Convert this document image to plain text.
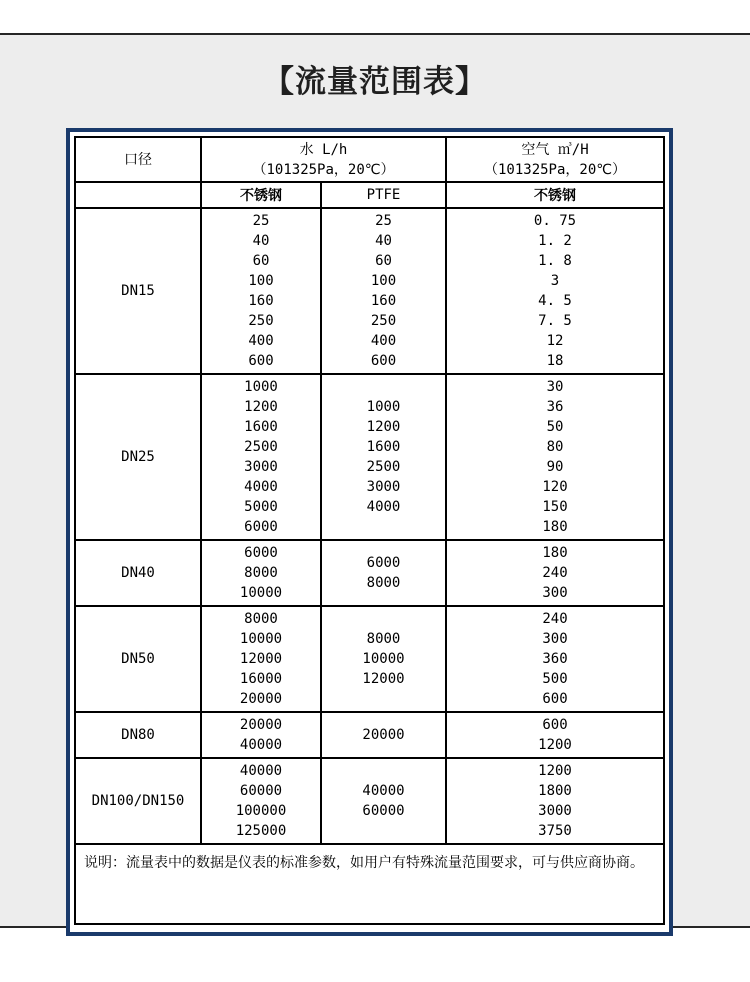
【流量范围表】
口径
水 L/h
（101325Pa，20℃）
空气 ㎥/H
（101325Pa，20℃）
不锈钢	PTFE	不锈钢
DN15
25
40
60
100
160
250
400
600
25
40
60
100
160
250
400
600
0. 75
1. 2
1. 8
3
4. 5
7. 5
12
18
DN25
1000
1200
1600
2500
3000
4000
5000
6000
1000
1200
1600
2500
3000
4000
30
36
50
80
90
120
150
180
DN40
6000
8000
10000
6000
8000
180
240
300
DN50
8000
10000
12000
16000
20000
8000
10000
12000
240
300
360
500
600
DN80
20000
40000
20000
600
1200
DN100/DN150
40000
60000
100000
125000
40000
60000
1200
1800
3000
3750
说明：流量表中的数据是仪表的标准参数，如用户有特殊流量范围要求，可与供应商协商。
